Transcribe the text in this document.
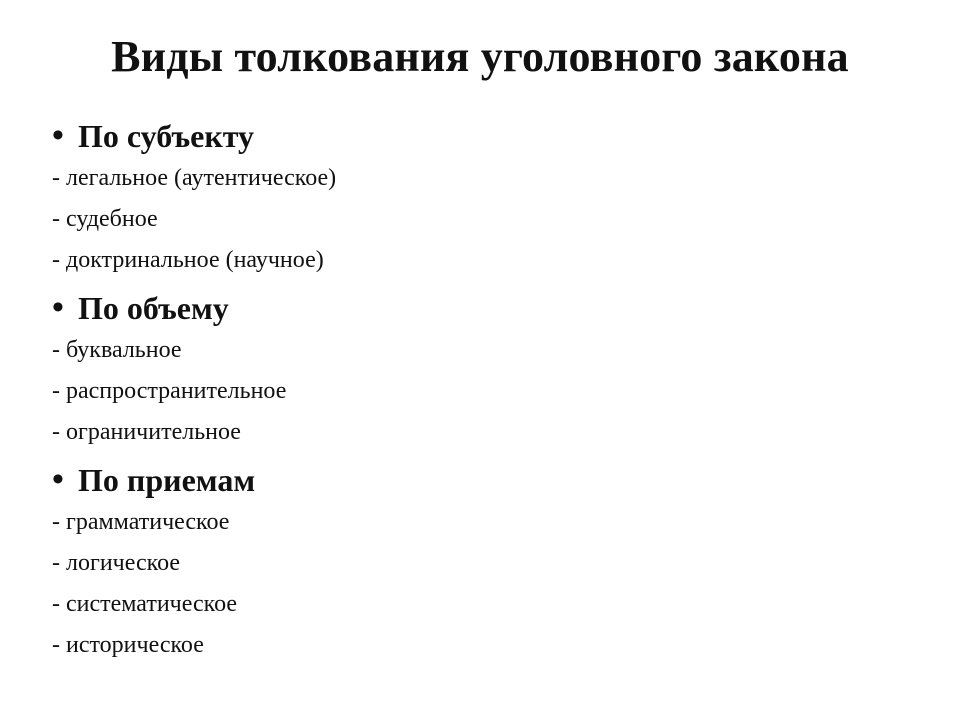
Виды толкования уголовного закона
• По субъекту
- легальное (аутентическое)
- судебное
- доктринальное (научное)
• По объему
- буквальное
- распространительное
- ограничительное
• По приемам
- грамматическое
- логическое
- систематическое
- историческое
